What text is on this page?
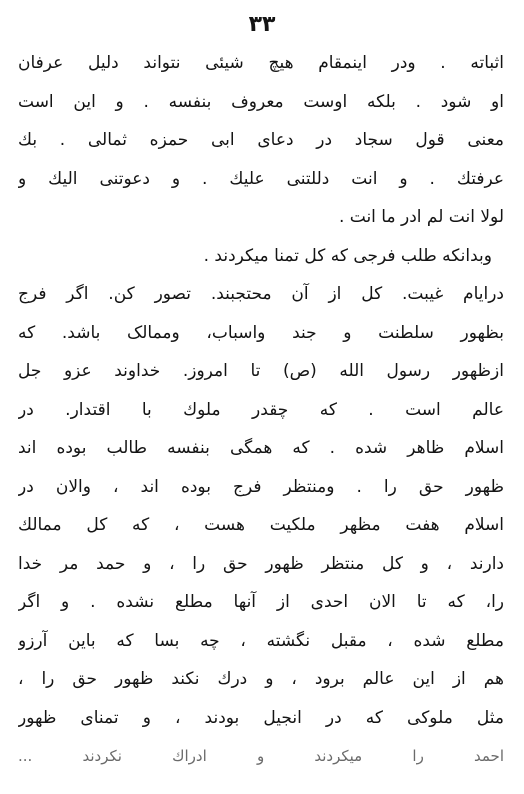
۳۳
اثباته . ودر اینمقام هیچ شیئی نتواند دلیل عرفان
او شود . بلکه اوست معروف بنفسه . و این است
معنی قول سجاد در دعای ابی حمزه ثمالی . بك
عرفتك . و انت دللتنی علیك . و دعوتنی الیك و
لولا انت لم ادر ما انت .
وبدانکه طلب فرجی که کل تمنا میکردند .
درایام غیبت. کل از آن محتجبند. تصور کن. اگر فرج
بظهور سلطنت و جند واسباب، وممالک باشد. که
ازظهور رسول الله (ص) تا امروز. خداوند عزو جل
عالم است . که چقدر ملوك با اقتدار. در
اسلام ظاهر شده . که همگی بنفسه طالب بوده اند
ظهور حق را . ومنتظر فرج بوده اند ، والان در
اسلام هفت مظهر ملکیت هست ، که کل ممالك
دارند ، و کل منتظر ظهور حق را ، و حمد مر خدا
را، که تا الان احدی از آنها مطلع نشده . و اگر
مطلع شده ، مقبل نگشته ، چه بسا که باین آرزو
هم از این عالم برود ، و درك نکند ظهور حق را ،
مثل ملوکی که در انجیل بودند ، و تمنای ظهور
احمد را میکردند و ادراك نکردند ...
